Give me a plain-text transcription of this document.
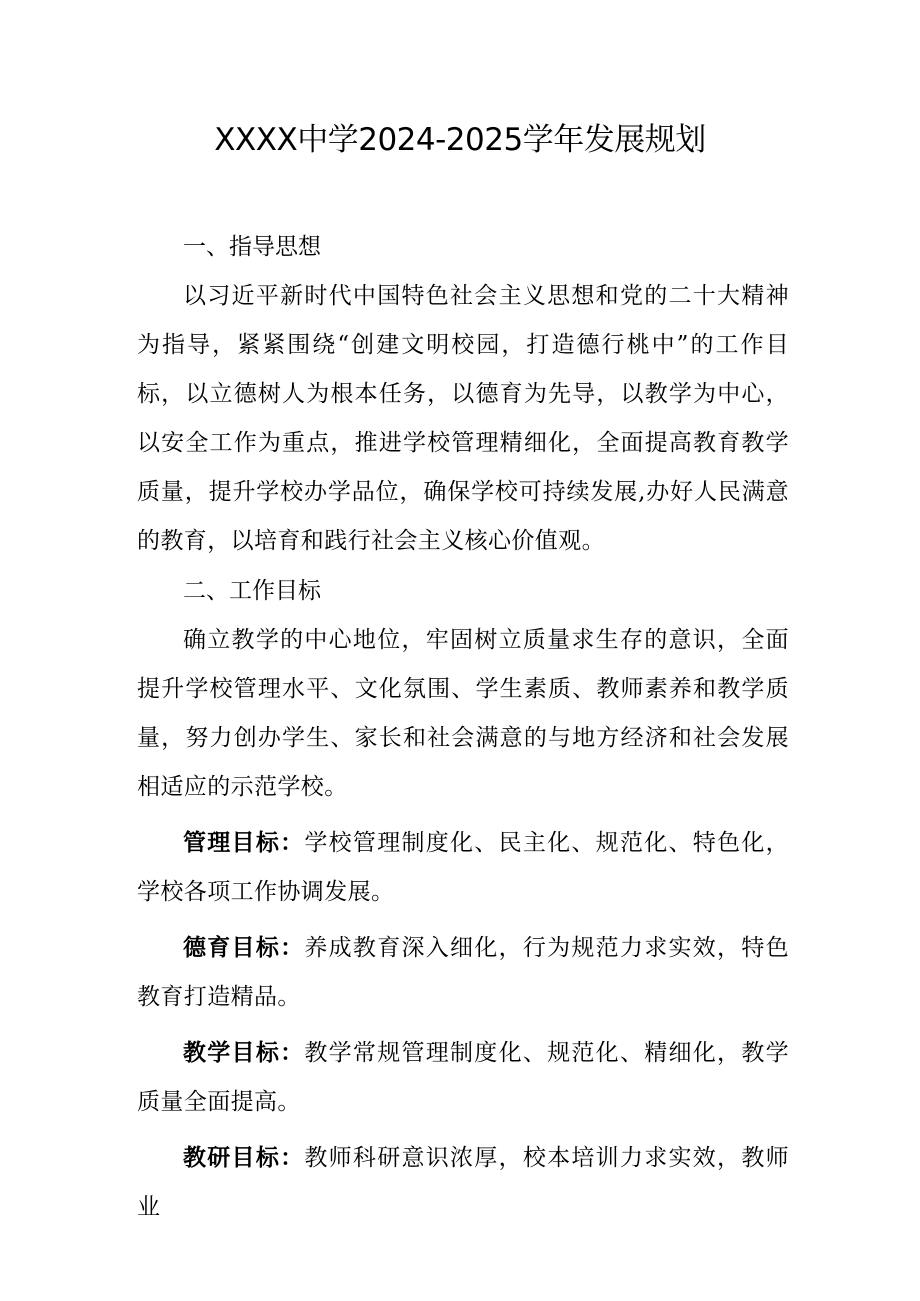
XXXX中学2024-2025学年发展规划
一、指导思想

以习近平新时代中国特色社会主义思想和党的二十大精神为指导，紧紧围绕“创建文明校园，打造德行桃中”的工作目标，以立德树人为根本任务，以德育为先导，以教学为中心，以安全工作为重点，推进学校管理精细化，全面提高教育教学质量，提升学校办学品位，确保学校可持续发展,办好人民满意的教育，以培育和践行社会主义核心价值观。

二、工作目标

确立教学的中心地位，牢固树立质量求生存的意识，全面提升学校管理水平、文化氛围、学生素质、教师素养和教学质量，努力创办学生、家长和社会满意的与地方经济和社会发展相适应的示范学校。

管理目标：学校管理制度化、民主化、规范化、特色化，学校各项工作协调发展。

德育目标：养成教育深入细化，行为规范力求实效，特色教育打造精品。

教学目标：教学常规管理制度化、规范化、精细化，教学质量全面提高。

教研目标：教师科研意识浓厚，校本培训力求实效，教师业
